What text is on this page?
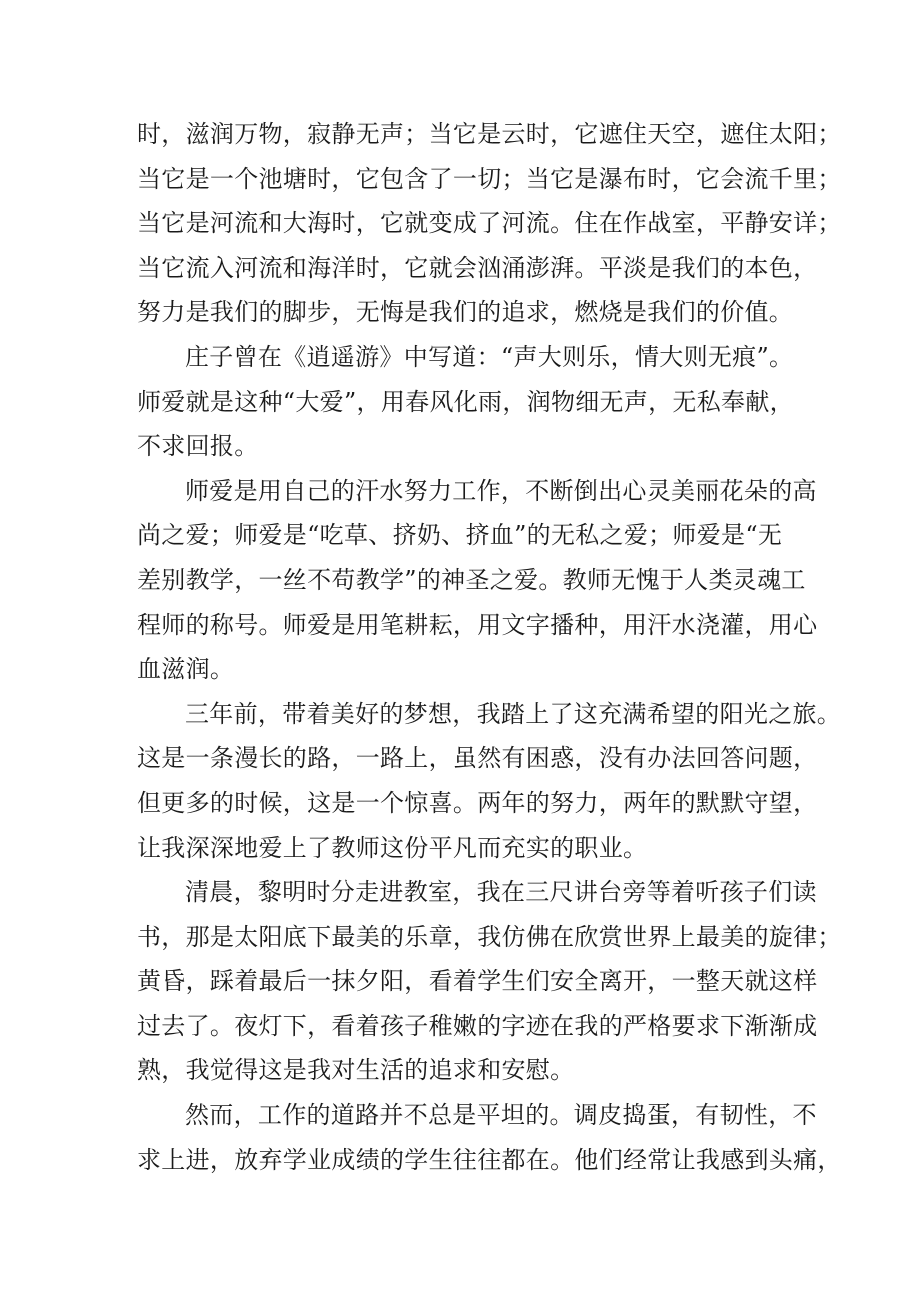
时，滋润万物，寂静无声；当它是云时，它遮住天空，遮住太阳；
当它是一个池塘时，它包含了一切；当它是瀑布时，它会流千里；
当它是河流和大海时，它就变成了河流。住在作战室，平静安详；
当它流入河流和海洋时，它就会汹涌澎湃。平淡是我们的本色，
努力是我们的脚步，无悔是我们的追求，燃烧是我们的价值。
庄子曾在《逍遥游》中写道：“声大则乐，情大则无痕”。
师爱就是这种“大爱”，用春风化雨，润物细无声，无私奉献，
不求回报。
师爱是用自己的汗水努力工作，不断倒出心灵美丽花朵的高
尚之爱；师爱是“吃草、挤奶、挤血”的无私之爱；师爱是“无
差别教学，一丝不苟教学”的神圣之爱。教师无愧于人类灵魂工
程师的称号。师爱是用笔耕耘，用文字播种，用汗水浇灌，用心
血滋润。
三年前，带着美好的梦想，我踏上了这充满希望的阳光之旅。
这是一条漫长的路，一路上，虽然有困惑，没有办法回答问题，
但更多的时候，这是一个惊喜。两年的努力，两年的默默守望，
让我深深地爱上了教师这份平凡而充实的职业。
清晨，黎明时分走进教室，我在三尺讲台旁等着听孩子们读
书，那是太阳底下最美的乐章，我仿佛在欣赏世界上最美的旋律；
黄昏，踩着最后一抹夕阳，看着学生们安全离开，一整天就这样
过去了。夜灯下，看着孩子稚嫩的字迹在我的严格要求下渐渐成
熟，我觉得这是我对生活的追求和安慰。
然而，工作的道路并不总是平坦的。调皮捣蛋，有韧性，不
求上进，放弃学业成绩的学生往往都在。他们经常让我感到头痛，
